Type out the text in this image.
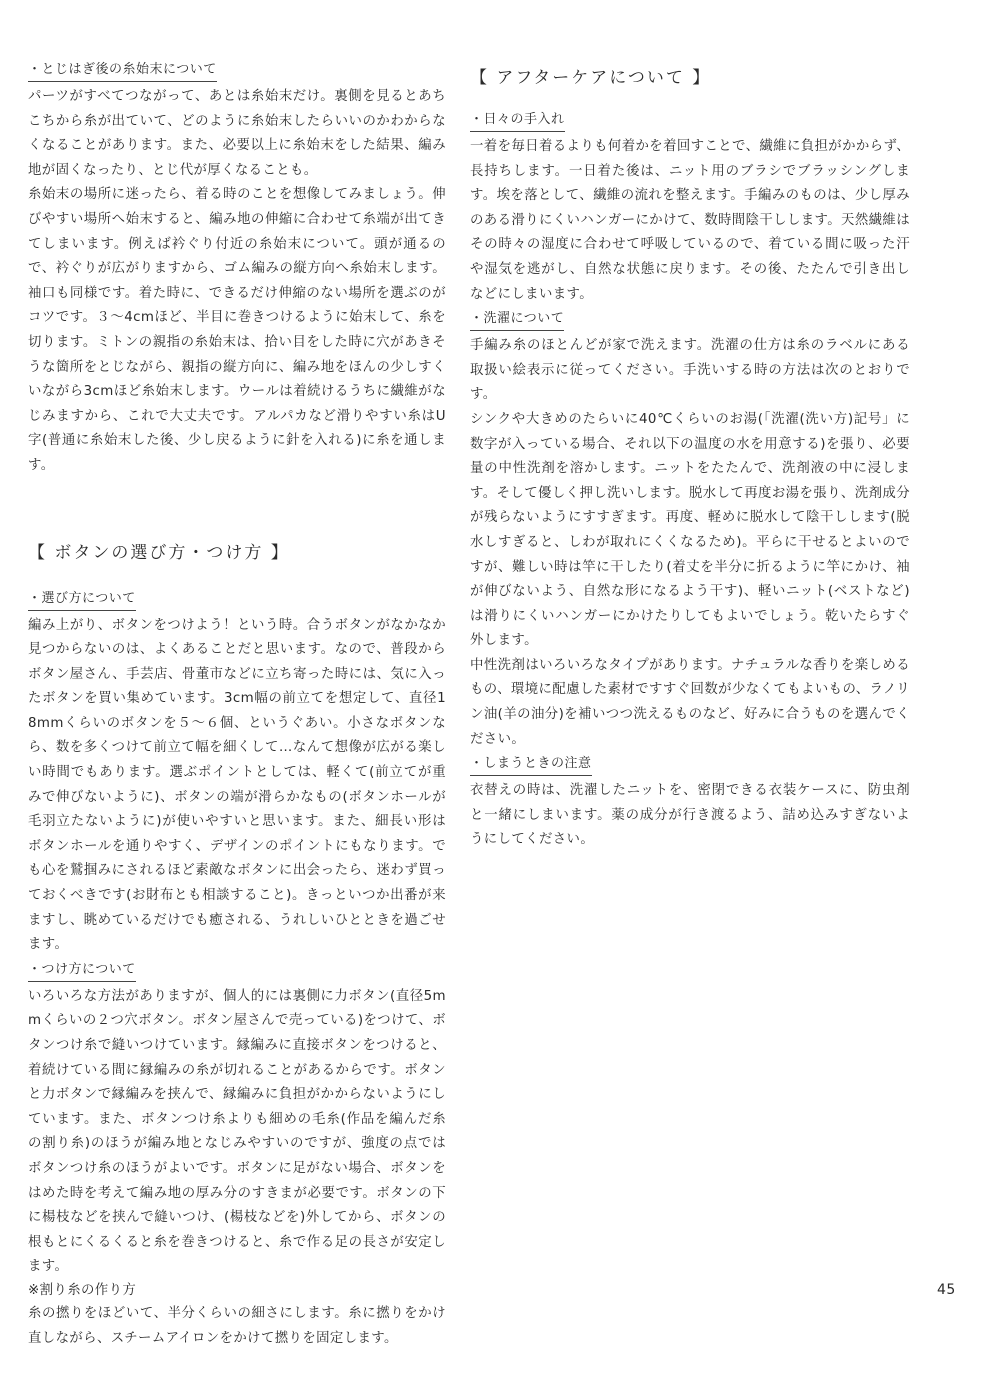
・ とじはぎ後の糸始末について

パーツがすべてつながって、あとは糸始末だけ。裏側を見るとあちこちから糸が出ていて、どのように糸始末したらいいのかわからなくなることがあります。また、必要以上に糸始末をした結果、編み地が固くなったり、とじ代が厚くなることも。

糸始末の場所に迷ったら、着る時のことを想像してみましょう。伸びやすい場所へ始末すると、編み地の伸縮に合わせて糸端が出てきてしまいます。例えば衿ぐり付近の糸始末について。頭が通るので、衿ぐりが広がりますから、ゴム編みの縦方向へ糸始末します。袖口も同様です。着た時に、できるだけ伸縮のない場所を選ぶのがコツです。３〜4cmほど、半目に巻きつけるように始末して、糸を切ります。ミトンの親指の糸始末は、拾い目をした時に穴があきそうな箇所をとじながら、親指の縦方向に、編み地をほんの少しすくいながら3cmほど糸始末します。ウールは着続けるうちに繊維がなじみますから、これで大丈夫です。アルパカなど滑りやすい糸はU字(普通に糸始末した後、少し戻るように針を入れる)に糸を通します。

【 ボタンの選び方・つけ方 】
・ 選び方について

編み上がり、ボタンをつけよう！という時。合うボタンがなかなか見つからないのは、よくあることだと思います。なので、普段からボタン屋さん、手芸店、骨董市などに立ち寄った時には、気に入ったボタンを買い集めています。3cm幅の前立てを想定して、直径18mmくらいのボタンを５〜６個、というぐあい。小さなボタンなら、数を多くつけて前立て幅を細くして…なんて想像が広がる楽しい時間でもあります。選ぶポイントとしては、軽くて(前立てが重みで伸びないように)、ボタンの端が滑らかなもの(ボタンホールが毛羽立たないように)が使いやすいと思います。また、細長い形はボタンホールを通りやすく、デザインのポイントにもなります。でも心を鷲掴みにされるほど素敵なボタンに出会ったら、迷わず買っておくべきです(お財布とも相談すること)。きっといつか出番が来ますし、眺めているだけでも癒される、うれしいひとときを過ごせます。

・ つけ方について

いろいろな方法がありますが、個人的には裏側に力ボタン(直径5mmくらいの２つ穴ボタン。ボタン屋さんで売っている)をつけて、ボタンつけ糸で縫いつけています。縁編みに直接ボタンをつけると、着続けている間に縁編みの糸が切れることがあるからです。ボタンと力ボタンで縁編みを挟んで、縁編みに負担がかからないようにしています。また、ボタンつけ糸よりも細めの毛糸(作品を編んだ糸の割り糸)のほうが編み地となじみやすいのですが、強度の点ではボタンつけ糸のほうがよいです。ボタンに足がない場合、ボタンをはめた時を考えて編み地の厚み分のすきまが必要です。ボタンの下に楊枝などを挟んで縫いつけ、(楊枝などを)外してから、ボタンの根もとにくるくると糸を巻きつけると、糸で作る足の長さが安定します。

※割り糸の作り方

糸の撚りをほどいて、半分くらいの細さにします。糸に撚りをかけ直しながら、スチームアイロンをかけて撚りを固定します。

【 アフターケアについて 】
・ 日々の手入れ

一着を毎日着るよりも何着かを着回すことで、繊維に負担がかからず、長持ちします。一日着た後は、ニット用のブラシでブラッシングします。埃を落として、繊維の流れを整えます。手編みのものは、少し厚みのある滑りにくいハンガーにかけて、数時間陰干しします。天然繊維はその時々の湿度に合わせて呼吸しているので、着ている間に吸った汗や湿気を逃がし、自然な状態に戻ります。その後、たたんで引き出しなどにしまいます。

・ 洗濯について

手編み糸のほとんどが家で洗えます。洗濯の仕方は糸のラベルにある取扱い絵表示に従ってください。手洗いする時の方法は次のとおりです。

シンクや大きめのたらいに40℃くらいのお湯(「洗濯(洗い方)記号」に数字が入っている場合、それ以下の温度の水を用意する)を張り、必要量の中性洗剤を溶かします。ニットをたたんで、洗剤液の中に浸します。そして優しく押し洗いします。脱水して再度お湯を張り、洗剤成分が残らないようにすすぎます。再度、軽めに脱水して陰干しします(脱水しすぎると、しわが取れにくくなるため)。平らに干せるとよいのですが、難しい時は竿に干したり(着丈を半分に折るように竿にかけ、袖が伸びないよう、自然な形になるよう干す)、軽いニット(ベストなど)は滑りにくいハンガーにかけたりしてもよいでしょう。乾いたらすぐ外します。

中性洗剤はいろいろなタイプがあります。ナチュラルな香りを楽しめるもの、環境に配慮した素材ですすぐ回数が少なくてもよいもの、ラノリン油(羊の油分)を補いつつ洗えるものなど、好みに合うものを選んでください。

・ しまうときの注意

衣替えの時は、洗濯したニットを、密閉できる衣装ケースに、防虫剤と一緒にしまいます。薬の成分が行き渡るよう、詰め込みすぎないようにしてください。

45
